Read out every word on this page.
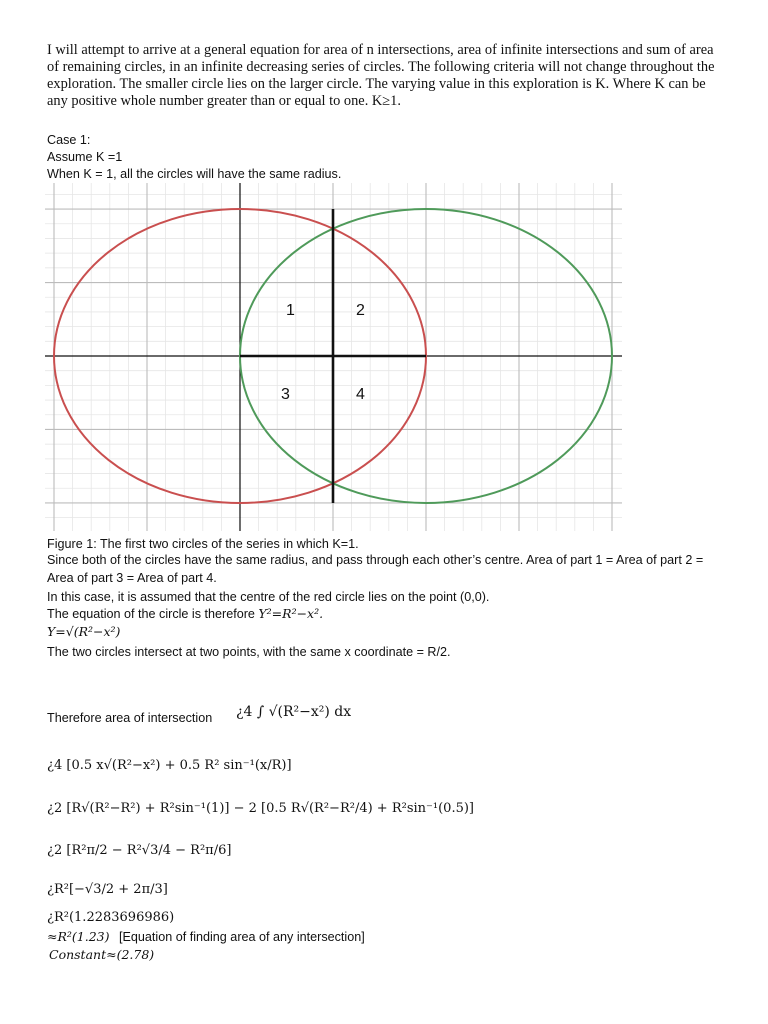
I will attempt to arrive at a general equation for area of n intersections, area of infinite intersections and sum of area of remaining circles, in an infinite decreasing series of circles. The following criteria will not change throughout the exploration. The smaller circle lies on the larger circle. The varying value in this exploration is K. Where K can be any positive whole number greater than or equal to one. K≥1.
Case 1:
Assume K =1
When K = 1, all the circles will have the same radius.
1	2
3	4
Figure 1: The first two circles of the series in which K=1.
Since both of the circles have the same radius, and pass through each other’s centre. Area of part 1 = Area of part 2 = Area of part 3 = Area of part 4.
In this case, it is assumed that the centre of the red circle lies on the point (0,0).
The equation of the circle is therefore Y²=R²−x².
Y=√(R²−x²)
The two circles intersect at two points, with the same x coordinate = R/2.
Therefore area of intersection ¿4 ∫ √(R²−x²) dx
¿4 [0.5 x√(R²−x²) + 0.5 R² sin⁻¹(x/R)]
¿2 [R√(R²−R²) + R²sin⁻¹(1)] − 2 [0.5 R√(R²−R²/4) + R²sin⁻¹(0.5)]
¿2 [R²π/2 − R²√3/4 − R²π/6]
¿R²[−√3/2 + 2π/3]
¿R²(1.2283696986)
≈R²(1.23) [Equation of finding area of any intersection]
Constant≈(2.78)
